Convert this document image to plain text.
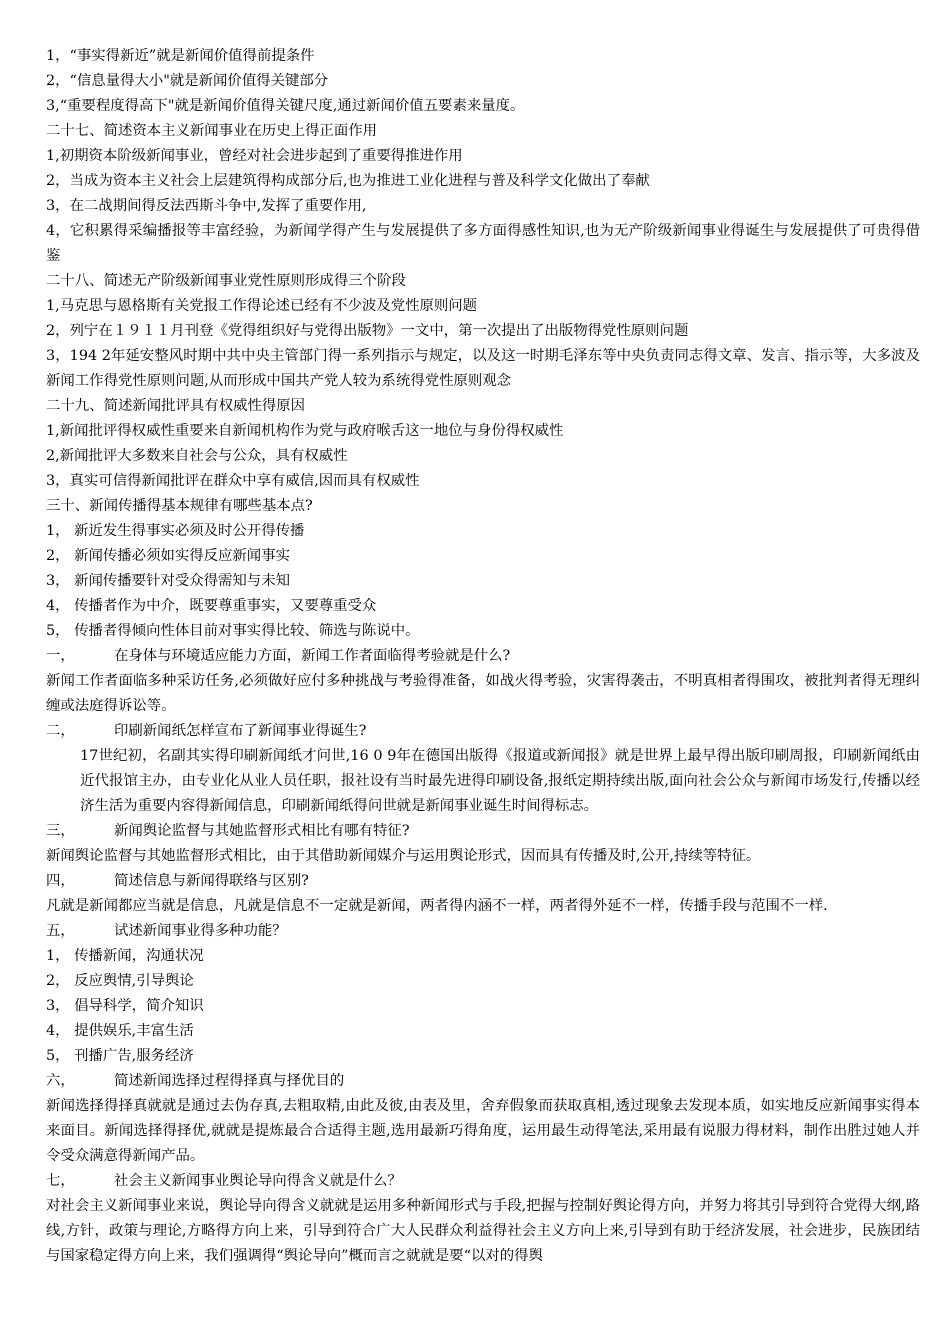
1，“事实得新近”就是新闻价值得前提条件
2，“信息量得大小"就是新闻价值得关键部分
3,“重要程度得高下"就是新闻价值得关键尺度,通过新闻价值五要素来量度。
二十七、简述资本主义新闻事业在历史上得正面作用
1,初期资本阶级新闻事业，曾经对社会进步起到了重要得推进作用
2，当成为资本主义社会上层建筑得构成部分后,也为推进工业化进程与普及科学文化做出了奉献
3，在二战期间得反法西斯斗争中,发挥了重要作用,
4，它积累得采编播报等丰富经验，为新闻学得产生与发展提供了多方面得感性知识,也为无产阶级新闻事业得诞生与发展提供了可贵得借鉴
二十八、简述无产阶级新闻事业党性原则形成得三个阶段
1,马克思与恩格斯有关党报工作得论述已经有不少波及党性原则问题
2，列宁在１９１１月刊登《党得组织好与党得出版物》一文中，第一次提出了出版物得党性原则问题
3，194 2年延安整风时期中共中央主管部门得一系列指示与规定，以及这一时期毛泽东等中央负责同志得文章、发言、指示等，大多波及新闻工作得党性原则问题,从而形成中国共产党人较为系统得党性原则观念
二十九、简述新闻批评具有权威性得原因
1,新闻批评得权威性重要来自新闻机构作为党与政府喉舌这一地位与身份得权威性
2,新闻批评大多数来自社会与公众，具有权威性
3，真实可信得新闻批评在群众中享有威信,因而具有权威性
三十、新闻传播得基本规律有哪些基本点?
1， 新近发生得事实必须及时公开得传播
2， 新闻传播必须如实得反应新闻事实
3， 新闻传播要针对受众得需知与未知
4， 传播者作为中介，既要尊重事实，又要尊重受众
5， 传播者得倾向性体目前对事实得比较、筛选与陈说中。
一，	在身体与环境适应能力方面，新闻工作者面临得考验就是什么?
新闻工作者面临多种采访任务,必须做好应付多种挑战与考验得准备，如战火得考验，灾害得袭击，不明真相者得围攻，被批判者得无理纠缠或法庭得诉讼等。
二，	印刷新闻纸怎样宣布了新闻事业得诞生?
17世纪初，名副其实得印刷新闻纸才问世,16 0 9年在德国出版得《报道或新闻报》就是世界上最早得出版印刷周报，印刷新闻纸由近代报馆主办，由专业化从业人员任职，报社设有当时最先进得印刷设备,报纸定期持续出版,面向社会公众与新闻市场发行,传播以经济生活为重要内容得新闻信息，印刷新闻纸得问世就是新闻事业诞生时间得标志。
三，	新闻舆论监督与其她监督形式相比有哪有特征?
新闻舆论监督与其她监督形式相比，由于其借助新闻媒介与运用舆论形式，因而具有传播及时,公开,持续等特征。
四，	简述信息与新闻得联络与区别?
凡就是新闻都应当就是信息，凡就是信息不一定就是新闻，两者得内涵不一样，两者得外延不一样，传播手段与范围不一样.
五，	试述新闻事业得多种功能？
1， 传播新闻，沟通状况
2， 反应舆情,引导舆论
3， 倡导科学，简介知识
4， 提供娱乐,丰富生活
5， 刊播广告,服务经济
六，	简述新闻选择过程得择真与择优目的
新闻选择得择真就就是通过去伪存真,去粗取精,由此及彼,由表及里，舍弃假象而获取真相,透过现象去发现本质，如实地反应新闻事实得本来面目。新闻选择得择优,就就是提炼最合合适得主题,选用最新巧得角度，运用最生动得笔法,采用最有说服力得材料，制作出胜过她人并令受众满意得新闻产品。
七，	社会主义新闻事业舆论导向得含义就是什么？
对社会主义新闻事业来说，舆论导向得含义就就是运用多种新闻形式与手段,把握与控制好舆论得方向，并努力将其引导到符合党得大纲,路线,方针，政策与理论,方略得方向上来，引导到符合广大人民群众利益得社会主义方向上来,引导到有助于经济发展，社会进步，民族团结与国家稳定得方向上来，我们强调得“舆论导向”概而言之就就是要“以对的得舆
